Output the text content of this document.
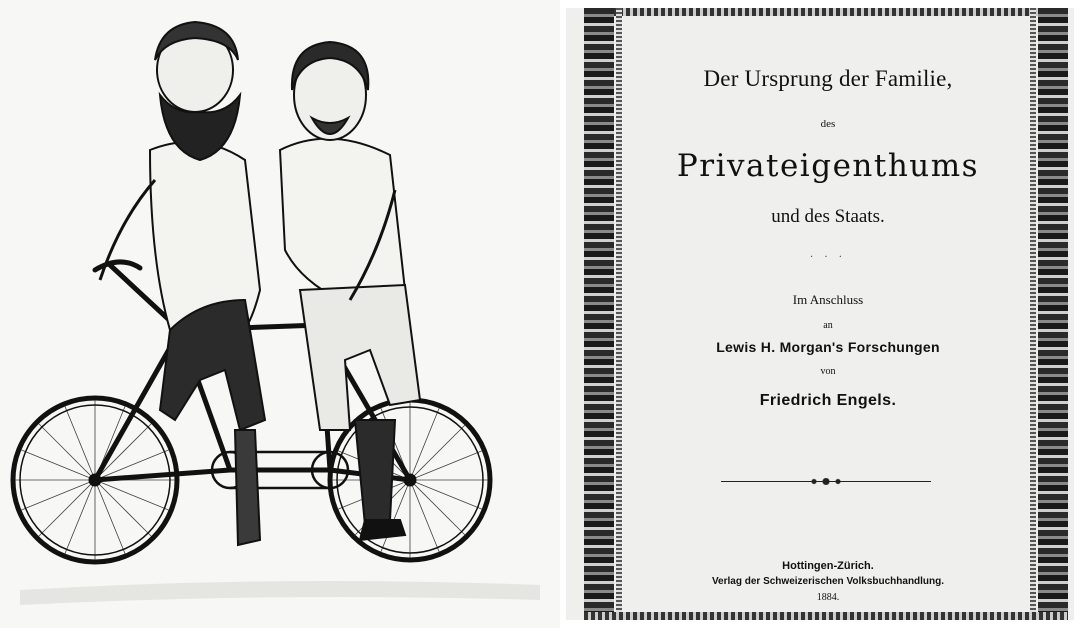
Der Ursprung der Familie,
des
Privateigenthums
und des Staats.
· · ·
Im Anschluss
an
Lewis H. Morgan's Forschungen
von
Friedrich Engels.
Hottingen-Zürich.
Verlag der Schweizerischen Volksbuchhandlung.
1884.
